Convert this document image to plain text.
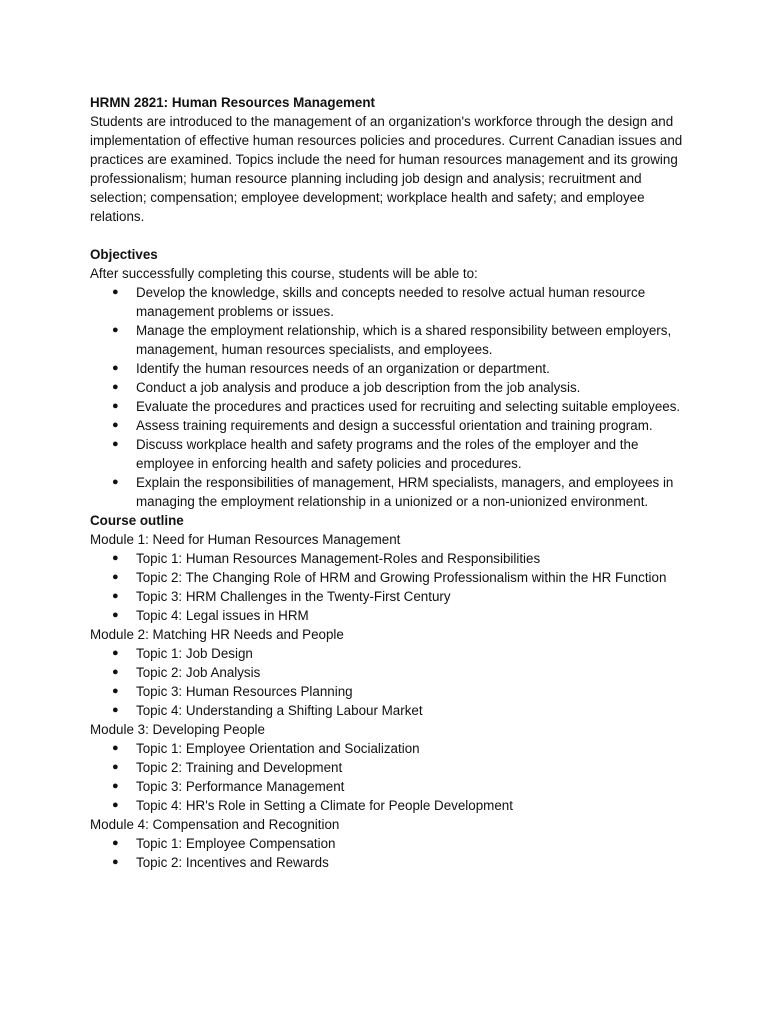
HRMN 2821: Human Resources Management

Students are introduced to the management of an organization's workforce through the design and implementation of effective human resources policies and procedures. Current Canadian issues and practices are examined. Topics include the need for human resources management and its growing professionalism; human resource planning including job design and analysis; recruitment and selection; compensation; employee development; workplace health and safety; and employee relations.

Objectives

After successfully completing this course, students will be able to:

● Develop the knowledge, skills and concepts needed to resolve actual human resource management problems or issues.
● Manage the employment relationship, which is a shared responsibility between employers, management, human resources specialists, and employees.
● Identify the human resources needs of an organization or department.
● Conduct a job analysis and produce a job description from the job analysis.
● Evaluate the procedures and practices used for recruiting and selecting suitable employees.
● Assess training requirements and design a successful orientation and training program.
● Discuss workplace health and safety programs and the roles of the employer and the employee in enforcing health and safety policies and procedures.
● Explain the responsibilities of management, HRM specialists, managers, and employees in managing the employment relationship in a unionized or a non-unionized environment.

Course outline

Module 1: Need for Human Resources Management

● Topic 1: Human Resources Management-Roles and Responsibilities
● Topic 2: The Changing Role of HRM and Growing Professionalism within the HR Function
● Topic 3: HRM Challenges in the Twenty-First Century
● Topic 4: Legal issues in HRM

Module 2: Matching HR Needs and People

● Topic 1: Job Design
● Topic 2: Job Analysis
● Topic 3: Human Resources Planning
● Topic 4: Understanding a Shifting Labour Market

Module 3: Developing People

● Topic 1: Employee Orientation and Socialization
● Topic 2: Training and Development
● Topic 3: Performance Management
● Topic 4: HR's Role in Setting a Climate for People Development

Module 4: Compensation and Recognition

● Topic 1: Employee Compensation
● Topic 2: Incentives and Rewards
